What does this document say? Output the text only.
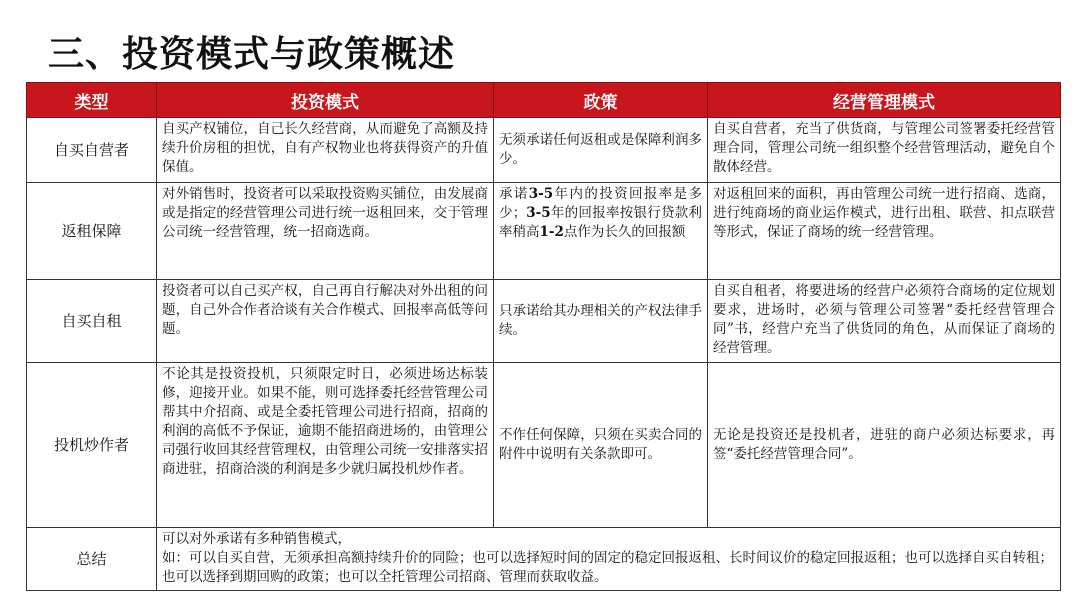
三、投资模式与政策概述
类型	投资模式	政策	经营管理模式
自买自营者	自买产权铺位，自己长久经营商，从而避免了高额及持续升价房租的担忧，自有产权物业也将获得资产的升值保值。	无须承诺任何返租或是保障利润多少。	自买自营者，充当了供货商，与管理公司签署委托经营管理合同，管理公司统一组织整个经营管理活动，避免自个散体经营。
返租保障	对外销售时，投资者可以采取投资购买铺位，由发展商或是指定的经营管理公司进行统一返租回来，交于管理公司统一经营管理，统一招商选商。	承诺3-5年内的投资回报率是多少；3-5年的回报率按银行贷款利率稍高1-2点作为长久的回报额	对返租回来的面积，再由管理公司统一进行招商、选商，进行纯商场的商业运作模式，进行出租、联营、扣点联营等形式，保证了商场的统一经营管理。
自买自租	投资者可以自己买产权，自己再自行解决对外出租的问题，自己外合作者洽谈有关合作模式、回报率高低等问题。	只承诺给其办理相关的产权法律手续。	自买自租者，将要进场的经营户必须符合商场的定位规划要求，进场时，必须与管理公司签署“委托经营管理合同”书，经营户充当了供货同的角色，从而保证了商场的经营管理。
投机炒作者	不论其是投资投机，只须限定时日，必须进场达标装修，迎接开业。如果不能，则可选择委托经营管理公司帮其中介招商、或是全委托管理公司进行招商，招商的利润的高低不予保证，逾期不能招商进场的，由管理公司强行收回其经营管理权，由管理公司统一安排落实招商进驻，招商洽淡的利润是多少就归属投机炒作者。	不作任何保障，只须在买卖合同的附件中说明有关条款即可。	无论是投资还是投机者，进驻的商户必须达标要求，再签“委托经营管理合同”。
总结	可以对外承诺有多种销售模式，
如：可以自买自营，无须承担高额持续升价的同险；也可以选择短时间的固定的稳定回报返租、长时间议价的稳定回报返租；也可以选择自买自转租；也可以选择到期回购的政策；也可以全托管理公司招商、管理而获取收益。		
